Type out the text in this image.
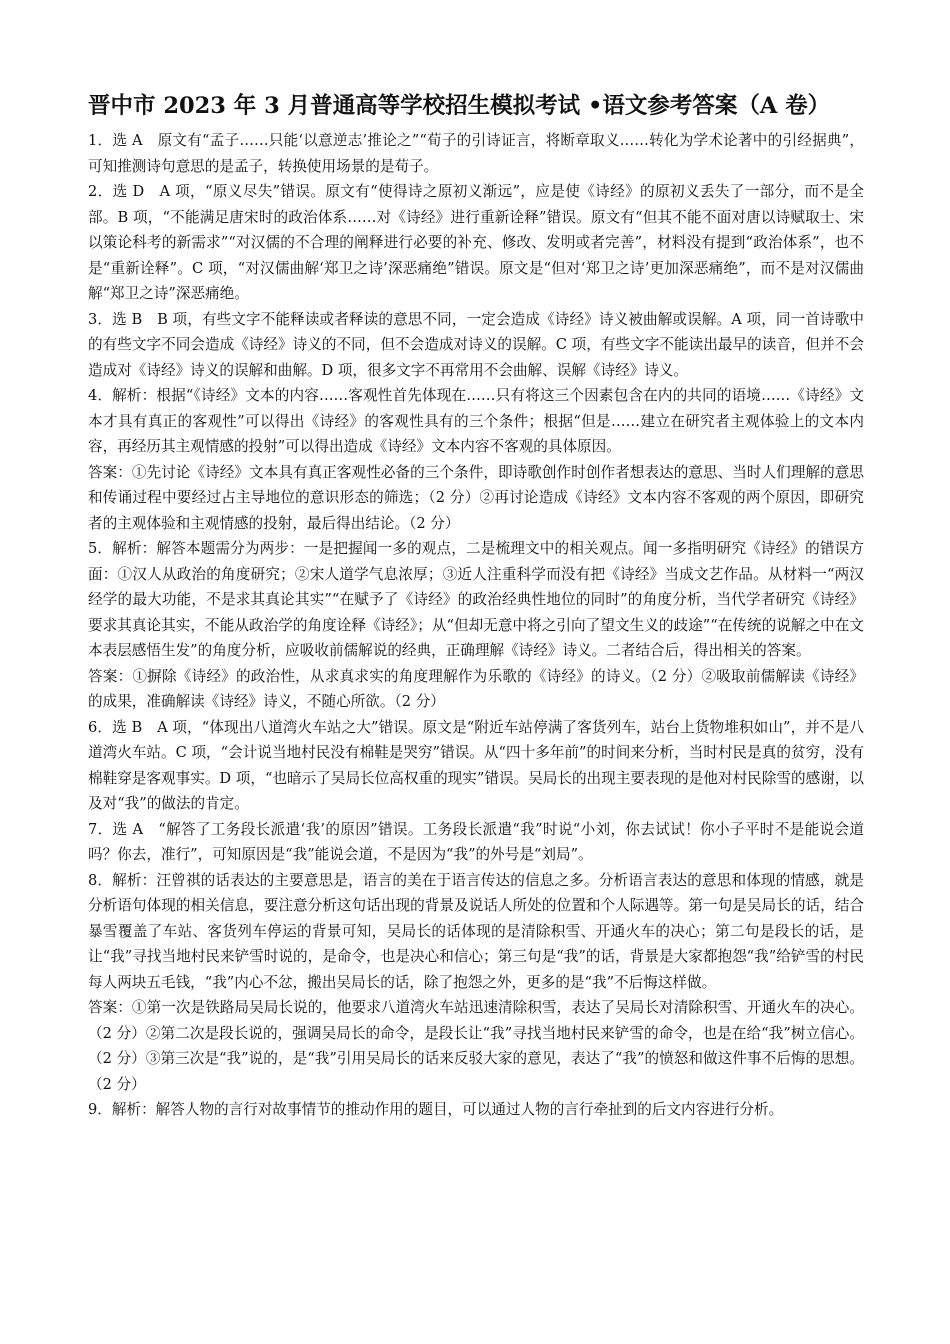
晋中市 2023 年 3 月普通高等学校招生模拟考试 •语文参考答案（A 卷）

1．选 A　原文有“孟子……只能‘以意逆志’推论之”“荀子的引诗证言，将断章取义……转化为学术论著中的引经据典”，可知推测诗句意思的是孟子，转换使用场景的是荀子。

2．选 D　A 项，“原义尽失”错误。原文有“使得诗之原初义渐远”，应是使《诗经》的原初义丢失了一部分，而不是全部。B 项，“不能满足唐宋时的政治体系……对《诗经》进行重新诠释”错误。原文有“但其不能不面对唐以诗赋取士、宋以策论科考的新需求”“对汉儒的不合理的阐释进行必要的补充、修改、发明或者完善”，材料没有提到“政治体系”，也不是“重新诠释”。C 项，“对汉儒曲解‘郑卫之诗’深恶痛绝”错误。原文是“但对‘郑卫之诗’更加深恶痛绝”，而不是对汉儒曲解“郑卫之诗”深恶痛绝。

3．选 B　B 项，有些文字不能释读或者释读的意思不同，一定会造成《诗经》诗义被曲解或误解。A 项，同一首诗歌中的有些文字不同会造成《诗经》诗义的不同，但不会造成对诗义的误解。C 项，有些文字不能读出最早的读音，但并不会造成对《诗经》诗义的误解和曲解。D 项，很多文字不再常用不会曲解、误解《诗经》诗义。

4．解析：根据“《诗经》文本的内容……客观性首先体现在……只有将这三个因素包含在内的共同的语境……《诗经》文本才具有真正的客观性”可以得出《诗经》的客观性具有的三个条件；根据“但是……建立在研究者主观体验上的文本内容，再经历其主观情感的投射”可以得出造成《诗经》文本内容不客观的具体原因。

答案：①先讨论《诗经》文本具有真正客观性必备的三个条件，即诗歌创作时创作者想表达的意思、当时人们理解的意思和传诵过程中要经过占主导地位的意识形态的筛选；（2 分）②再讨论造成《诗经》文本内容不客观的两个原因，即研究者的主观体验和主观情感的投射，最后得出结论。（2 分）

5．解析：解答本题需分为两步：一是把握闻一多的观点，二是梳理文中的相关观点。闻一多指明研究《诗经》的错误方面：①汉人从政治的角度研究；②宋人道学气息浓厚；③近人注重科学而没有把《诗经》当成文艺作品。从材料一“两汉经学的最大功能，不是求其真论其实”“在赋予了《诗经》的政治经典性地位的同时”的角度分析，当代学者研究《诗经》要求其真论其实，不能从政治学的角度诠释《诗经》；从“但却无意中将之引向了望文生义的歧途”“在传统的说解之中在文本表层感悟生发”的角度分析，应吸收前儒解说的经典，正确理解《诗经》诗义。二者结合后，得出相关的答案。

答案：①摒除《诗经》的政治性，从求真求实的角度理解作为乐歌的《诗经》的诗义。（2 分）②吸取前儒解读《诗经》的成果，准确解读《诗经》诗义，不随心所欲。（2 分）

6．选 B　A 项，“体现出八道湾火车站之大”错误。原文是“附近车站停满了客货列车，站台上货物堆积如山”，并不是八道湾火车站。C 项，“会计说当地村民没有棉鞋是哭穷”错误。从“四十多年前”的时间来分析，当时村民是真的贫穷，没有棉鞋穿是客观事实。D 项，“也暗示了吴局长位高权重的现实”错误。吴局长的出现主要表现的是他对村民除雪的感谢，以及对“我”的做法的肯定。

7．选 A　“解答了工务段长派遣‘我’的原因”错误。工务段长派遣“我”时说“小刘，你去试试！你小子平时不是能说会道吗？你去，准行”，可知原因是“我”能说会道，不是因为“我”的外号是“刘局”。

8．解析：汪曾祺的话表达的主要意思是，语言的美在于语言传达的信息之多。分析语言表达的意思和体现的情感，就是分析语句体现的相关信息，要注意分析这句话出现的背景及说话人所处的位置和个人际遇等。第一句是吴局长的话，结合暴雪覆盖了车站、客货列车停运的背景可知，吴局长的话体现的是清除积雪、开通火车的决心；第二句是段长的话，是让“我”寻找当地村民来铲雪时说的，是命令，也是决心和信心；第三句是“我”的话，背景是大家都抱怨“我”给铲雪的村民每人两块五毛钱，“我”内心不忿，搬出吴局长的话，除了抱怨之外，更多的是“我”不后悔这样做。

答案：①第一次是铁路局吴局长说的，他要求八道湾火车站迅速清除积雪，表达了吴局长对清除积雪、开通火车的决心。（2 分）②第二次是段长说的，强调吴局长的命令，是段长让“我”寻找当地村民来铲雪的命令，也是在给“我”树立信心。（2 分）③第三次是“我”说的，是“我”引用吴局长的话来反驳大家的意见，表达了“我”的愤怒和做这件事不后悔的思想。（2 分）

9．解析：解答人物的言行对故事情节的推动作用的题目，可以通过人物的言行牵扯到的后文内容进行分析。
